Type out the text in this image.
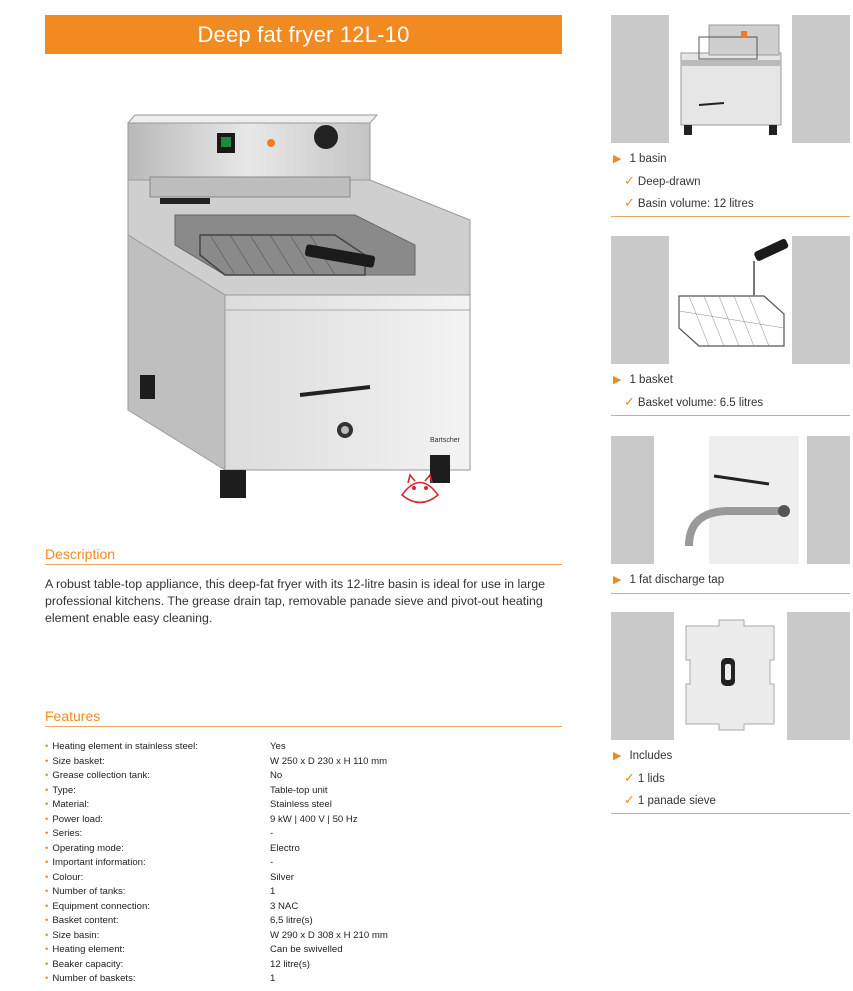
Deep fat fryer 12L-10
Bartscher
Description
A robust table-top appliance, this deep-fat fryer with its 12-litre basin is ideal for use in large professional kitchens. The grease drain tap, removable panade sieve and pivot-out heating element enable easy cleaning.
Features
• Heating element in stainless steel:	Yes
• Size basket:	W 250 x D 230 x H 110 mm
• Grease collection tank:	No
• Type:	Table-top unit
• Material:	Stainless steel
• Power load:	9 kW | 400 V | 50 Hz
• Series:	-
• Operating mode:	Electro
• Important information:	-
• Colour:	Silver
• Number of tanks:	1
• Equipment connection:	3 NAC
• Basket content:	6,5 litre(s)
• Size basin:	W 290 x D 308 x H 210 mm
• Heating element:	Can be swivelled
• Beaker capacity:	12 litre(s)
• Number of baskets:	1
▶ 1 basin
✓ Deep-drawn
✓ Basin volume: 12 litres
▶ 1 basket
✓ Basket volume: 6.5 litres
▶ 1 fat discharge tap
▶ Includes
✓ 1 lids
✓ 1 panade sieve
